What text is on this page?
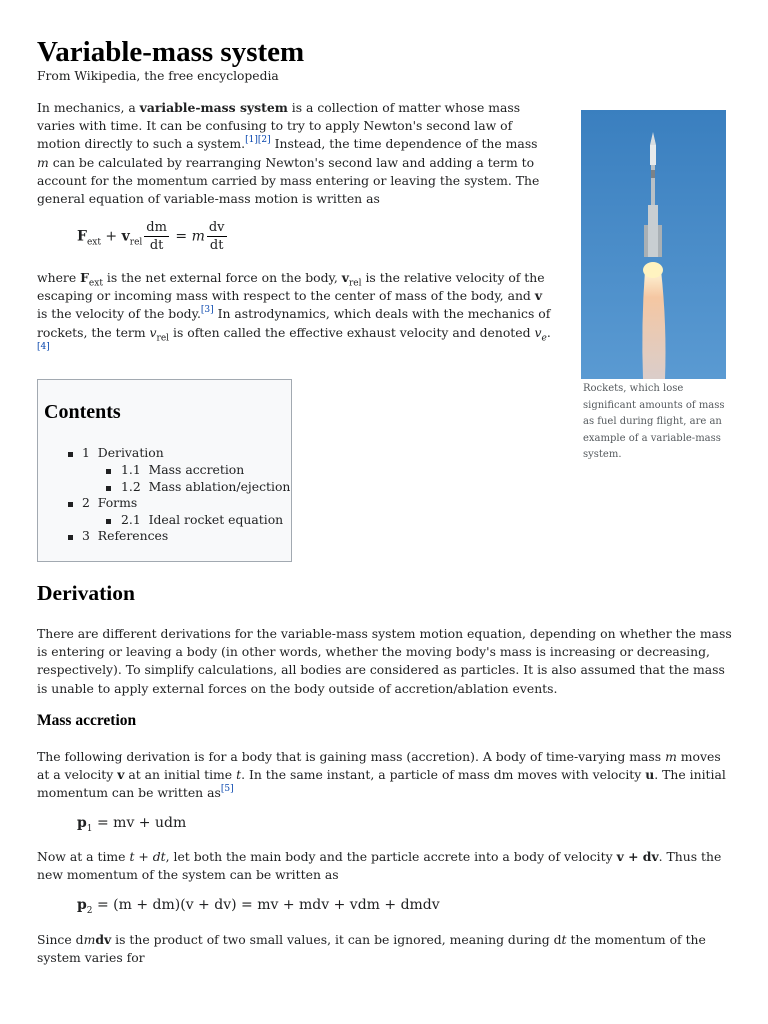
Variable-mass system
From Wikipedia, the free encyclopedia

In mechanics, a variable-mass system is a collection of matter whose mass varies with time. It can be confusing to try to apply Newton's second law of motion directly to such a system.[1][2] Instead, the time dependence of the mass m can be calculated by rearranging Newton's second law and adding a term to account for the momentum carried by mass entering or leaving the system. The general equation of variable-mass motion is written as

$F_{ext} + v_{rel} \frac{dm}{dt} = m \frac{dv}{dt}$

where $F_{ext}$ is the net external force on the body, $v_{rel}$ is the relative velocity of the escaping or incoming mass with respect to the center of mass of the body, and v is the velocity of the body.[3] In astrodynamics, which deals with the mechanics of rockets, the term $v_{rel}$ is often called the effective exhaust velocity and denoted $v_e.[4]$

Rockets, which lose significant amounts of mass as fuel during flight, are an example of a variable-mass system.
Contents
1 Derivation
1.1 Mass accretion
1.2 Mass ablation/ejection
2 Forms
2.1 Ideal rocket equation
3 References
Derivation

There are different derivations for the variable-mass system motion equation, depending on whether the mass is entering or leaving a body (in other words, whether the moving body's mass is increasing or decreasing, respectively). To simplify calculations, all bodies are considered as particles. It is also assumed that the mass is unable to apply external forces on the body outside of accretion/ablation events.

Mass accretion

The following derivation is for a body that is gaining mass (accretion). A body of time-varying mass m moves at a velocity v at an initial time t. In the same instant, a particle of mass dm moves with velocity u. The initial momentum can be written as[5]

$p_1$ = mv + udm

Now at a time t + dt, let both the main body and the particle accrete into a body of velocity v + dv. Thus the new momentum of the system can be written as

$p_2 = (m + dm)(v + dv)$ = mv + mdv + vdm + dmdv

Since dmdv is the product of two small values, it can be ignored, meaning during dt the momentum of the system varies for
